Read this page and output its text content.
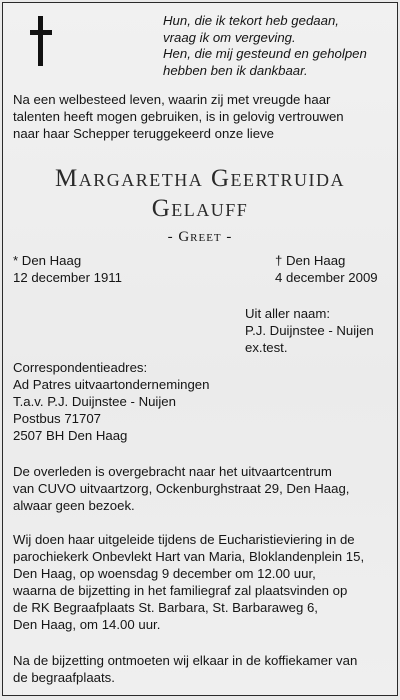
Hun, die ik tekort heb gedaan,
vraag ik om vergeving.
Hen, die mij gesteund en geholpen
hebben ben ik dankbaar.
Na een welbesteed leven, waarin zij met vreugde haar
talenten heeft mogen gebruiken, is in gelovig vertrouwen
naar haar Schepper teruggekeerd onze lieve
Margaretha Geertruida
Gelauff
- Greet -
* Den Haag
12 december 1911
† Den Haag
4 december 2009
Uit aller naam:
P.J. Duijnstee - Nuijen
ex.test.
Correspondentieadres:
Ad Patres uitvaartondernemingen
T.a.v. P.J. Duijnstee - Nuijen
Postbus 71707
2507 BH Den Haag
De overleden is overgebracht naar het uitvaartcentrum
van CUVO uitvaartzorg, Ockenburghstraat 29, Den Haag,
alwaar geen bezoek.
Wij doen haar uitgeleide tijdens de Eucharistieviering in de
parochiekerk Onbevlekt Hart van Maria, Bloklandenplein 15,
Den Haag, op woensdag 9 december om 12.00 uur,
waarna de bijzetting in het familiegraf zal plaatsvinden op
de RK Begraafplaats St. Barbara, St. Barbaraweg 6,
Den Haag, om 14.00 uur.
Na de bijzetting ontmoeten wij elkaar in de koffiekamer van
de begraafplaats.
